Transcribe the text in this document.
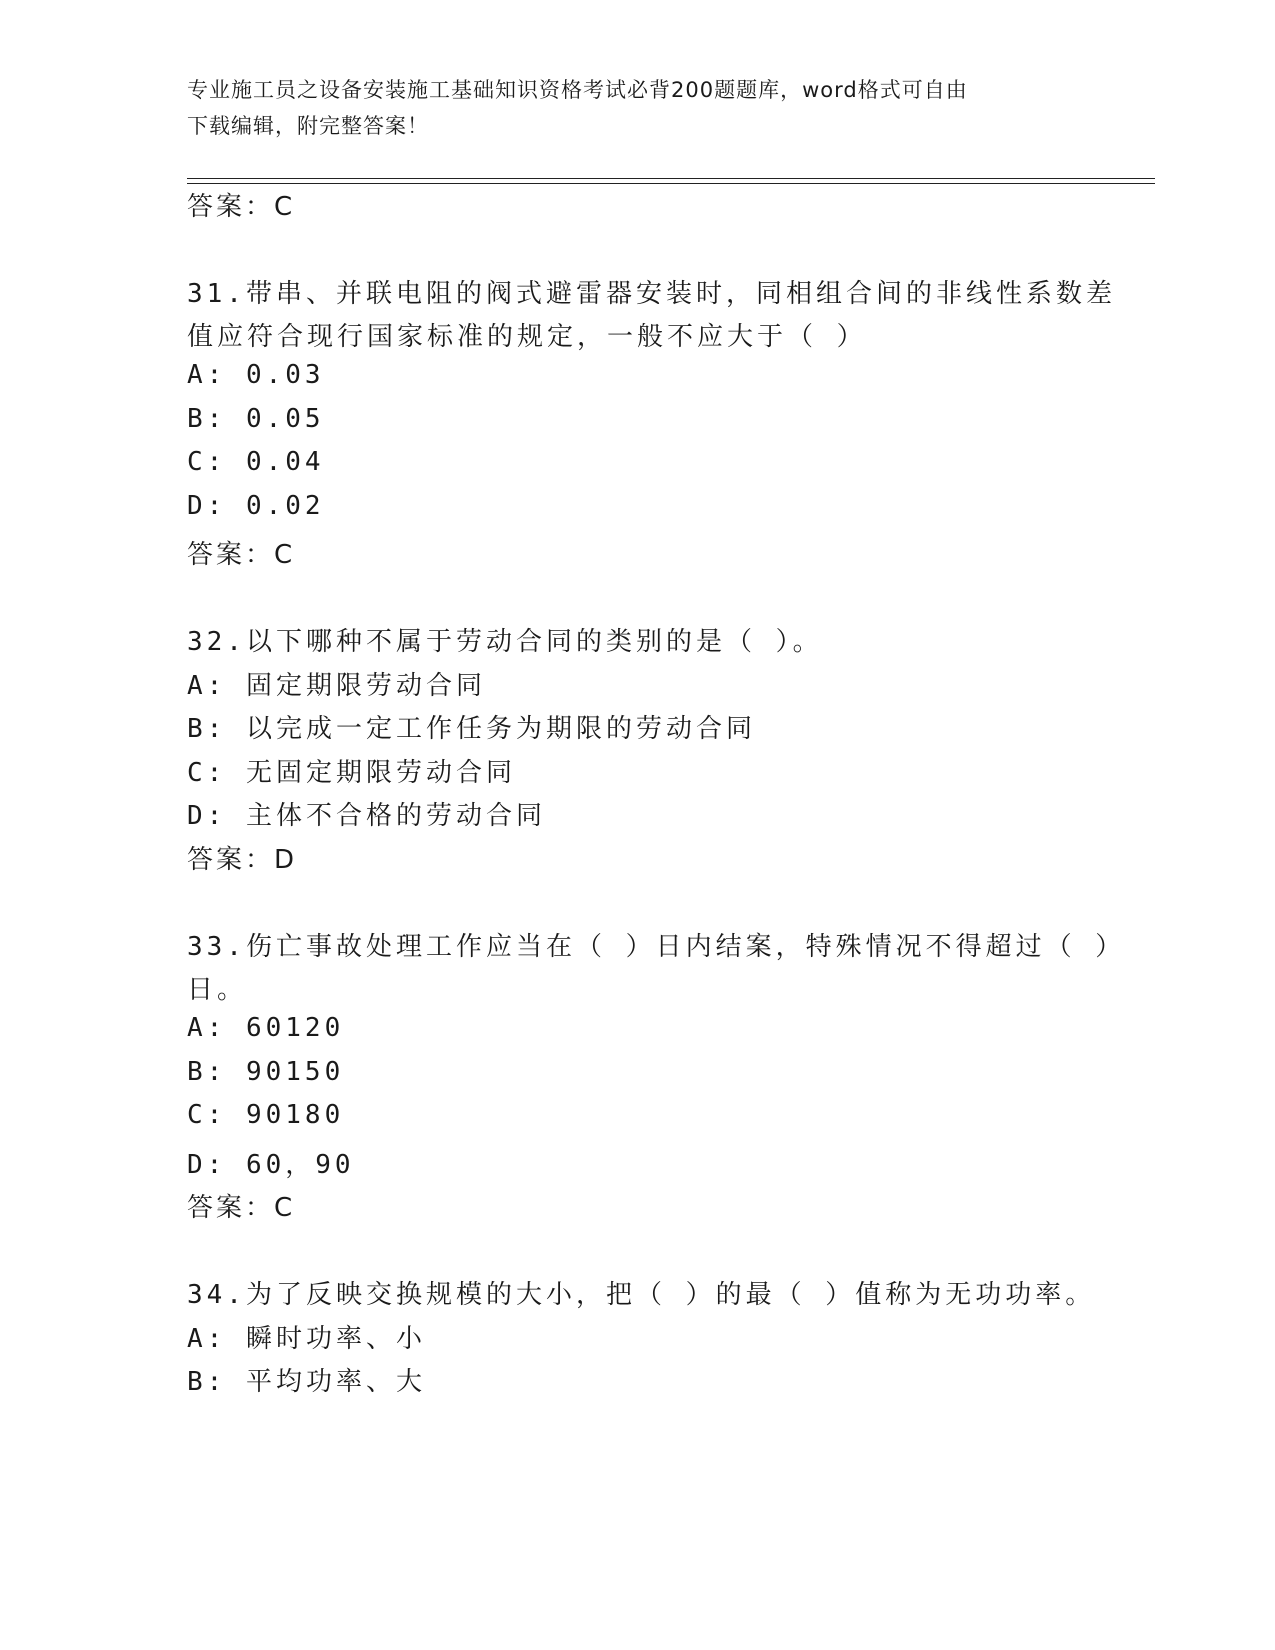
专业施工员之设备安装施工基础知识资格考试必背200题题库，word格式可自由
下载编辑，附完整答案！
答案：C
31.带串、并联电阻的阀式避雷器安装时，同相组合间的非线性系数差
值应符合现行国家标准的规定，一般不应大于（ ）
A: 0.03
B: 0.05
C: 0.04
D: 0.02
答案：C
32.以下哪种不属于劳动合同的类别的是（ ）。
A: 固定期限劳动合同
B: 以完成一定工作任务为期限的劳动合同
C: 无固定期限劳动合同
D: 主体不合格的劳动合同
答案：D
33.伤亡事故处理工作应当在（ ）日内结案，特殊情况不得超过（ ）
日。
A: 60120
B: 90150
C: 90180
D: 60，90
答案：C
34.为了反映交换规模的大小，把（ ）的最（ ）值称为无功功率。
A: 瞬时功率、小
B: 平均功率、大
